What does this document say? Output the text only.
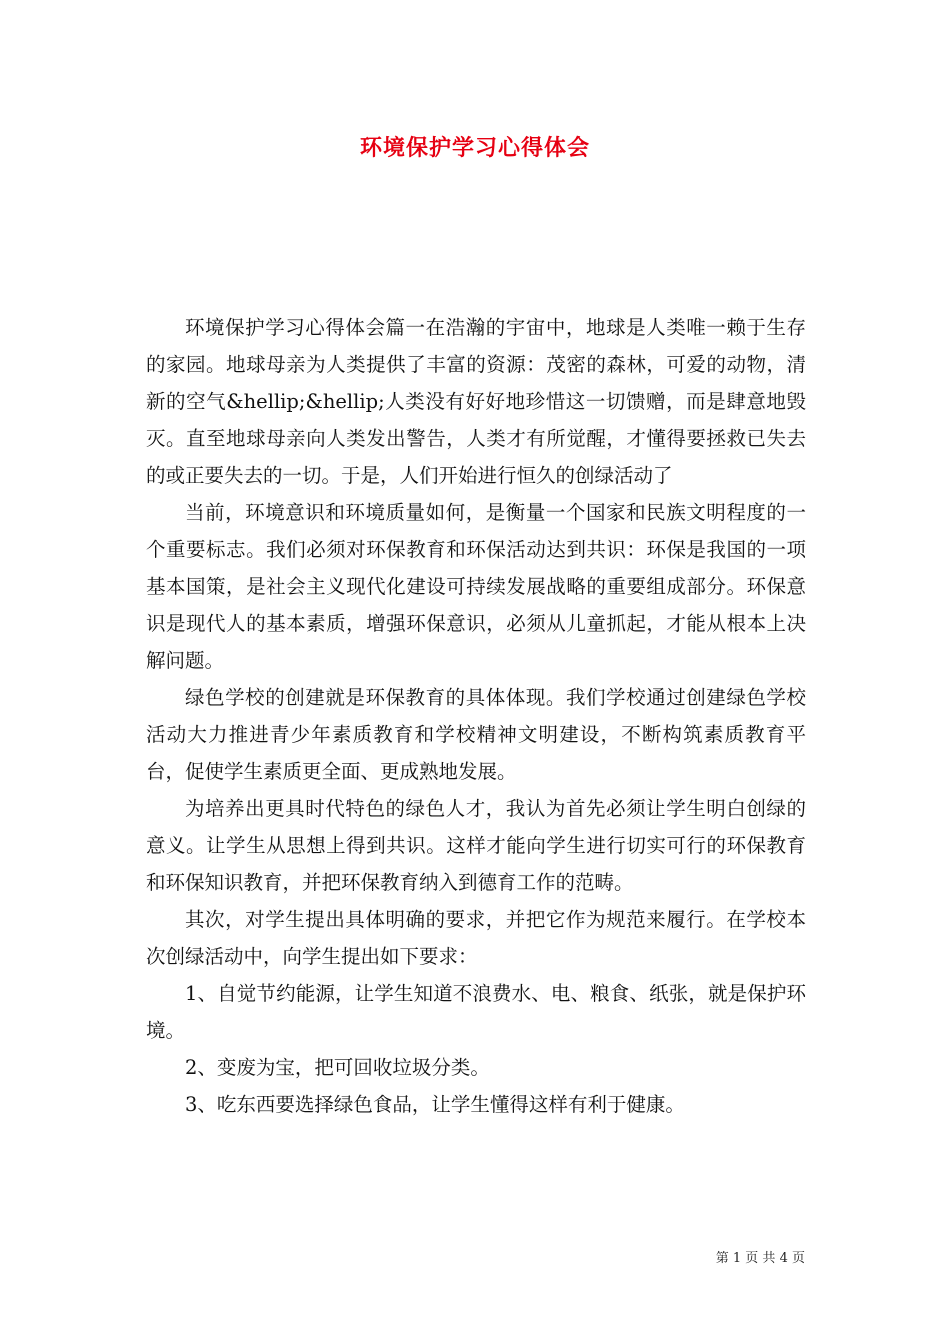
环境保护学习心得体会

环境保护学习心得体会篇一在浩瀚的宇宙中，地球是人类唯一赖于生存的家园。地球母亲为人类提供了丰富的资源：茂密的森林，可爱的动物，清新的空气&hellip;&hellip;人类没有好好地珍惜这一切馈赠，而是肆意地毁灭。直至地球母亲向人类发出警告，人类才有所觉醒，才懂得要拯救已失去的或正要失去的一切。于是，人们开始进行恒久的创绿活动了

当前，环境意识和环境质量如何，是衡量一个国家和民族文明程度的一个重要标志。我们必须对环保教育和环保活动达到共识：环保是我国的一项基本国策，是社会主义现代化建设可持续发展战略的重要组成部分。环保意识是现代人的基本素质，增强环保意识，必须从儿童抓起，才能从根本上决解问题。

绿色学校的创建就是环保教育的具体体现。我们学校通过创建绿色学校活动大力推进青少年素质教育和学校精神文明建设，不断构筑素质教育平台，促使学生素质更全面、更成熟地发展。

为培养出更具时代特色的绿色人才，我认为首先必须让学生明白创绿的意义。让学生从思想上得到共识。这样才能向学生进行切实可行的环保教育和环保知识教育，并把环保教育纳入到德育工作的范畴。

其次，对学生提出具体明确的要求，并把它作为规范来履行。在学校本次创绿活动中，向学生提出如下要求：

1、自觉节约能源，让学生知道不浪费水、电、粮食、纸张，就是保护环境。

2、变废为宝，把可回收垃圾分类。

3、吃东西要选择绿色食品，让学生懂得这样有利于健康。

第 1 页 共 4 页
